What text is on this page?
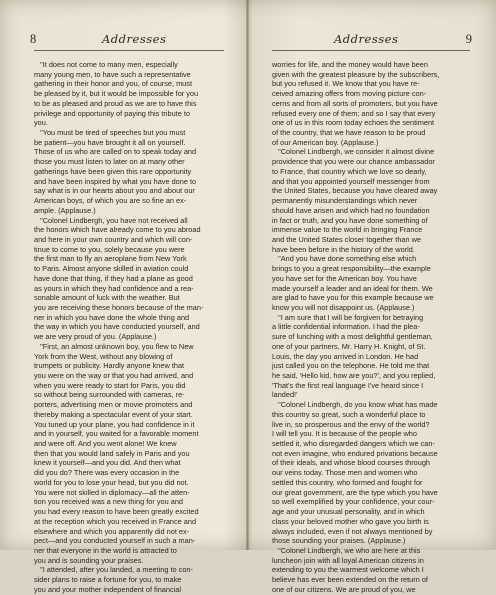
8	Addresses
"It does not come to many men, especially
many young men, to have such a representative
gathering in their honor and you, of course, must
be pleased by it, but it would be impossible for you
to be as pleased and proud as we are to have this
privilege and opportunity of paying this tribute to
you.
"You must be tired of speeches but you must
be patient—you have brought it all on yourself.
Those of us who are called on to speak today and
those you must listen to later on at many other
gatherings have been given this rare opportunity
and have been inspired by what you have done to
say what is in our hearts about you and about our
American boys, of which you are so fine an ex-
ample. (Applause.)
"Colonel Lindbergh, you have not received all
the honors which have already come to you abroad
and here in your own country and which will con-
tinue to come to you, solely because you were
the first man to fly an aeroplane from New York
to Paris. Almost anyone skilled in aviation could
have done that thing, if they had a plane as good
as yours in which they had confidence and a rea-
sonable amount of luck with the weather. But
you are receiving these honors because of the man-
ner in which you have done the whole thing and
the way in which you have conducted yourself, and
we are very proud of you. (Applause.)
"First, an almost unknown boy, you flew to New
York from the West, without any blowing of
trumpets or publicity. Hardly anyone knew that
you were on the way or that you had arrived, and
when you were ready to start for Paris, you did
so without being surrounded with cameras, re-
porters, advertising men or movie promoters and
thereby making a spectacular event of your start.
You tuned up your plane, you had confidence in it
and in yourself, you waited for a favorable moment
and were off. And you went alone! We knew
then that you would land safely in Paris and you
knew it yourself—and you did. And then what
did you do? There was every occasion in the
world for you to lose your head, but you did not.
You were not skilled in diplomacy—all the atten-
tion you received was a new thing for you and
you had every reason to have been greatly excited
at the reception which you received in France and
elsewhere and which you apparently did not ex-
pect—and you conducted yourself in such a man-
ner that everyone in the world is attracted to
you and is sounding your praises.
"I attended, after you landed, a meeting to con-
sider plans to raise a fortune for you, to make
you and your mother independent of financial
Addresses	9
worries for life, and the money would have been
given with the greatest pleasure by the subscribers,
but you refused it. We know that you have re-
ceived amazing offers from moving picture con-
cerns and from all sorts of promoters, but you have
refused every one of them; and so I say that every
one of us in this room today echoes the sentiment
of the country, that we have reason to be proud
of our American boy. (Applause.)
"Colonel Lindbergh, we consider it almost divine
providence that you were our chance ambassador
to France, that country which we love so dearly,
and that you appointed yourself messenger from
the United States, because you have cleared away
permanently misunderstandings which never
should have arisen and which had no foundation
in fact or truth, and you have done something of
immense value to the world in bringing France
and the United States closer together than we
have been before in the history of the world.
"And you have done something else which
brings to you a great responsibility—the example
you have set for the American boy. You have
made yourself a leader and an ideal for them. We
are glad to have you for this example because we
know you will not disappoint us. (Applause.)
"I am sure that I will be forgiven for betraying
a little confidential information. I had the plea-
sure of lunching with a most delightful gentleman,
one of your partners, Mr. Harry H. Knight, of St.
Louis, the day you arrived in London. He had
just called you on the telephone. He told me that
he said, 'Hello kid, how are you?', and you replied,
'That's the first real language I've heard since I
landed!'
"Colonel Lindbergh, do you know what has made
this country so great, such a wonderful place to
live in, so prosperous and the envy of the world?
I will tell you. It is because of the people who
settled it, who disregarded dangers which we can-
not even imagine, who endured privations because
of their ideals, and whose blood courses through
our veins today. Those men and women who
settled this country, who formed and fought for
our great government, are the type which you have
so well exemplified by your confidence, your cour-
age and your unusual personality, and in which
class your beloved mother who gave you birth is
always included, even if not always mentioned by
those sounding your praises. (Applause.)
"Colonel Lindbergh, we who are here at this
luncheon join with all loyal American citizens in
extending to you the warmest welcome which I
believe has ever been extended on the return of
one of our citizens. We are proud of you, we
